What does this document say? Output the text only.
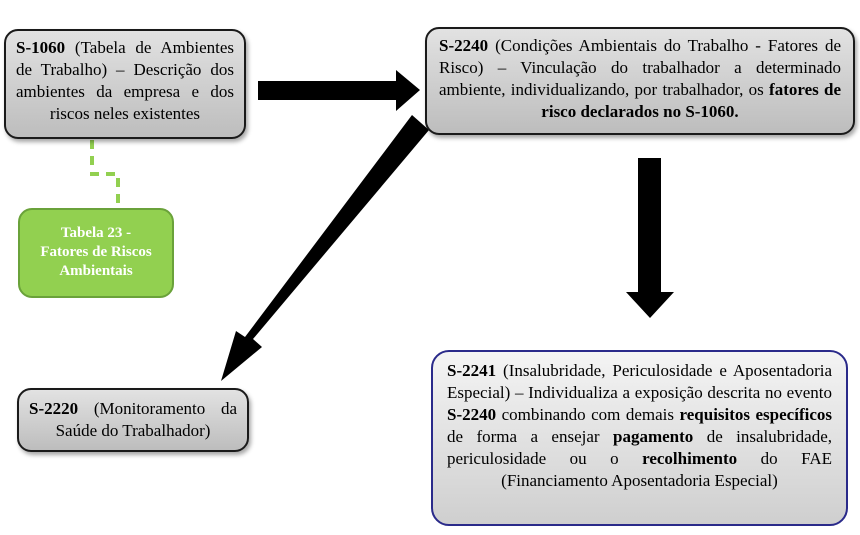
S-1060 (Tabela de Ambientes de Trabalho) – Descrição dos ambientes da empresa e dos riscos neles existentes
Tabela 23 -
Fatores de Riscos
Ambientais
S-2240 (Condições Ambientais do Trabalho - Fatores de Risco) – Vinculação do trabalhador a determinado ambiente, individualizando, por trabalhador, os fatores de risco declarados no S-1060.
S-2220 (Monitoramento da Saúde do Trabalhador)
S-2241 (Insalubridade, Periculosidade e Aposentadoria Especial) – Individualiza a exposição descrita no evento S-2240 combinando com demais requisitos específicos de forma a ensejar pagamento de insalubridade, periculosidade ou o recolhimento do FAE (Financiamento Aposentadoria Especial)
